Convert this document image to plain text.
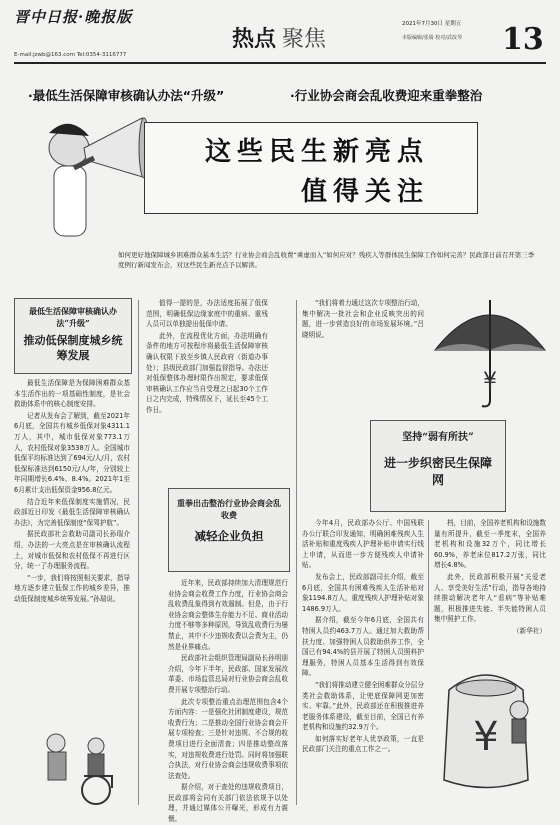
晋中日报·晚报版
E-mail:jzwb@163.com Tel:0354-3116777
热点 聚焦
2021年7月30日 星期五
本版编辑/张婧 校对/武改琴 13
·最低生活保障审核确认办法“升级”	·行业协会商会乱收费迎来重拳整治
这些民生新亮点
值得关注
如何更好地保障城乡困难群众基本生活？行业协会商会乱收费“乘虚而入”如何应对？残疾人等群体民生保障工作如何完善？民政部日前召开第三季度例行新闻发布会，对这些民生新亮点予以解读。
最低生活保障审核确认办法“升级”
推动低保制度城乡统筹发展

最低生活保障是为保障困难群众基本生活作出的一项基础性制度，是社会救助体系中的核心制度安排。

记者从发布会了解到，截至2021年6月底，全国共有城乡低保对象4311.1万人，其中，城市低保对象773.1万人，农村低保对象3538万人。全国城市低保平均标准达到了694元/人/月，农村低保标准达到6150元/人/年，分别较上年同期增长6.4%、8.4%。2021年1至6月累计支出低保资金956.8亿元。

结合近年来低保制度实施情况，民政部近日印发《最低生活保障审核确认办法》，为完善低保制度“保驾护航”。

据民政部社会救助司副司长孙瑞介绍，办法的一大亮点是在审核确认流程上，对城市低保和农村低保不再进行区分，统一了办理服务流程。

“一步，我们将按照相关要求，指导地方逐步建立低保工作的城乡差异，推动低保制度城乡统筹发展。”孙瑞说。

值得一提的是，办法适度拓展了低保范围，明确低保边缘家庭中的重病、重残人员可以单独提出低保申请。

此外，在流程优化方面，办法明确有条件的地方可按程序将最低生活保障审核确认权限下放至乡镇人民政府（街道办事处）；县级民政部门加强监督指导。办法还对低保整体办理时限作出规定，要求低保审核确认工作应当自受理之日起30个工作日之内完成，特殊情况下，延长至45个工作日。

重拳出击整治行业协会商会乱收费
减轻企业负担

近年来，民政部持续加大清理规范行业协会商会收费工作力度，行业协会商会乱收费乱象得到有效遏制。但是，由于行业协会商会整体生存能力不足、商业活动力度不够等多种原因，导致乱收费行为屡禁止，其中不少违规收费以会费为主，仍然是业界痛点。

民政部社会组织管理局副局长孙明朋介绍，今年下半年，民政部、国家发展改革委、市场监管总局对行业协会商会乱收费开展专项整治行动。

此次专项整治重点治理范围包含4个方面内容：一是强化社团制度建设，规范收费行为；二是推动全国行业协会商会开展专项检查；三是针对违规、不合规的收费项目进行全面清查；四是推动整改落实，对违规收费进行处罚。同时将加强联合执法，对行业协会商会违规收费事项依法查处。

据介绍，对于查处的违规收费项目，民政部将会同有关部门依法依规予以处理，并通过媒体公开曝光，形成有力震慑。

“我们将着力通过这次专项整治行动，集中解决一批社会和企业反映突出的问题，进一步营造良好的市场发展环境。”吕晓明说。

¥
坚持“弱有所扶”
进一步织密民生保障网

今年4月，民政部办公厅、中国残联办公厅联合印发通知，明确困难残疾人生活补贴和重度残疾人护理补贴申请实行线上申请，从而进一步方便残疾人申请补贴。

发布会上，民政部副司长介绍，截至6月底，全国共有困难残疾人生活补贴对象1194.8万人，重度残疾人护理补贴对象1486.9万人。

据介绍，截至今年6月底，全国共有特困人员约463.7万人。通过加大救助帮扶力度、加强特困人员救助供养工作，全国已有94.4%的县开展了特困人员照料护理服务，特困人员基本生活得到有效保障。

“我们将推动建立健全困难群众分层分类社会救助体系，让兜底保障网更加密实、牢靠。”此外，民政部还在积极推进养老服务体系建设，截至目前，全国已有养老机构和设施约32.9万个。

如何落实好老年人优享政策，一直是民政部门关注的重点工作之一。

档，目前，全国养老机构和设施数量有所提升，截至一季度末，全国养老机构和设施32万个，同比增长60.9%，养老床位817.2万张，同比增长4.8%。

此外，民政部积极开展“关爱老人、享受美好生活”行动，指导各地持续推动解决老年人“看病”等补贴难题，积极推进失能、半失能特困人员集中照护工作。

（新华社）

¥
